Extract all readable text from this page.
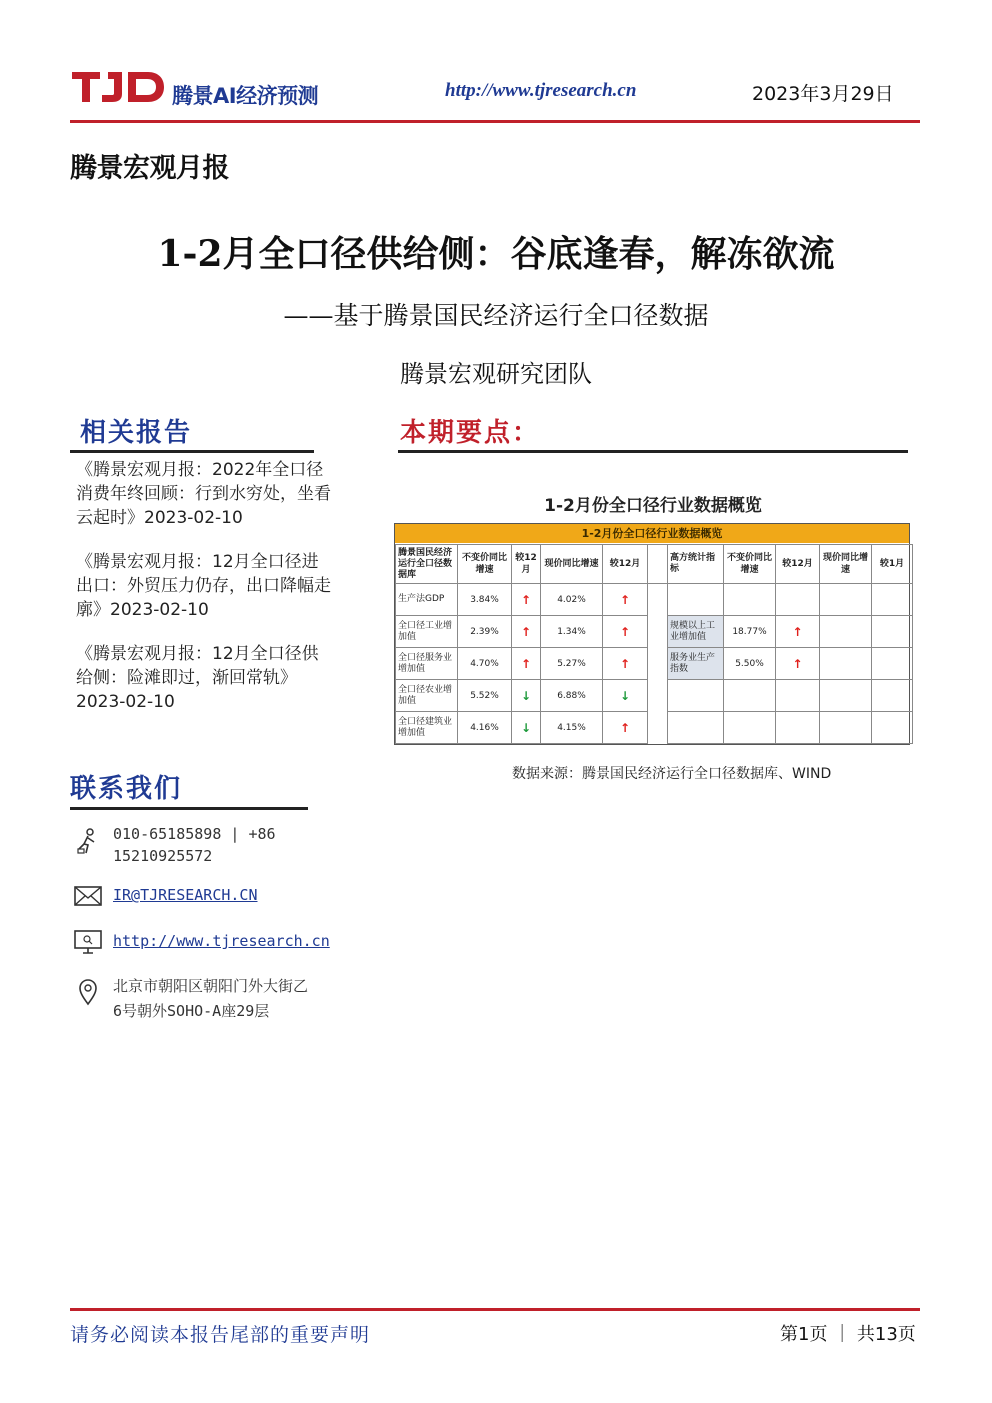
腾景AI经济预测	http://www.tjresearch.cn	2023年3月29日
腾景宏观月报
1-2月全口径供给侧：谷底逢春，解冻欲流
——基于腾景国民经济运行全口径数据
腾景宏观研究团队
相关报告
《腾景宏观月报：2022年全口径消费年终回顾：行到水穷处，坐看云起时》2023-02-10
《腾景宏观月报：12月全口径进出口：外贸压力仍存，出口降幅走廓》2023-02-10
《腾景宏观月报：12月全口径供给侧：险滩即过，渐回常轨》2023-02-10
联系我们
010-65185898 | +86
15210925572
IR@TJRESEARCH.CN
http://www.tjresearch.cn
北京市朝阳区朝阳门外大街乙
6号朝外SOHO-A座29层
本期要点：
1-2月份全口径行业数据概览
1-2月份全口径行业数据概览
腾景国民经济运行全口径数据库	不变价同比增速	较12月	现价同比增速	较12月		高方统计指标	不变价同比增速	较12月	现价同比增速	较1月
生产法GDP	3.84%	↑	4.02%	↑						
全口径工业增加值	2.39%	↑	1.34%	↑		规模以上工业增加值	18.77%	↑		
全口径服务业增加值	4.70%	↑	5.27%	↑		服务业生产指数	5.50%	↑		
全口径农业增加值	5.52%	↓	6.88%	↓						
全口径建筑业增加值	4.16%	↓	4.15%	↑						
数据来源：腾景国民经济运行全口径数据库、WIND
请务必阅读本报告尾部的重要声明	第1页 ｜ 共13页
